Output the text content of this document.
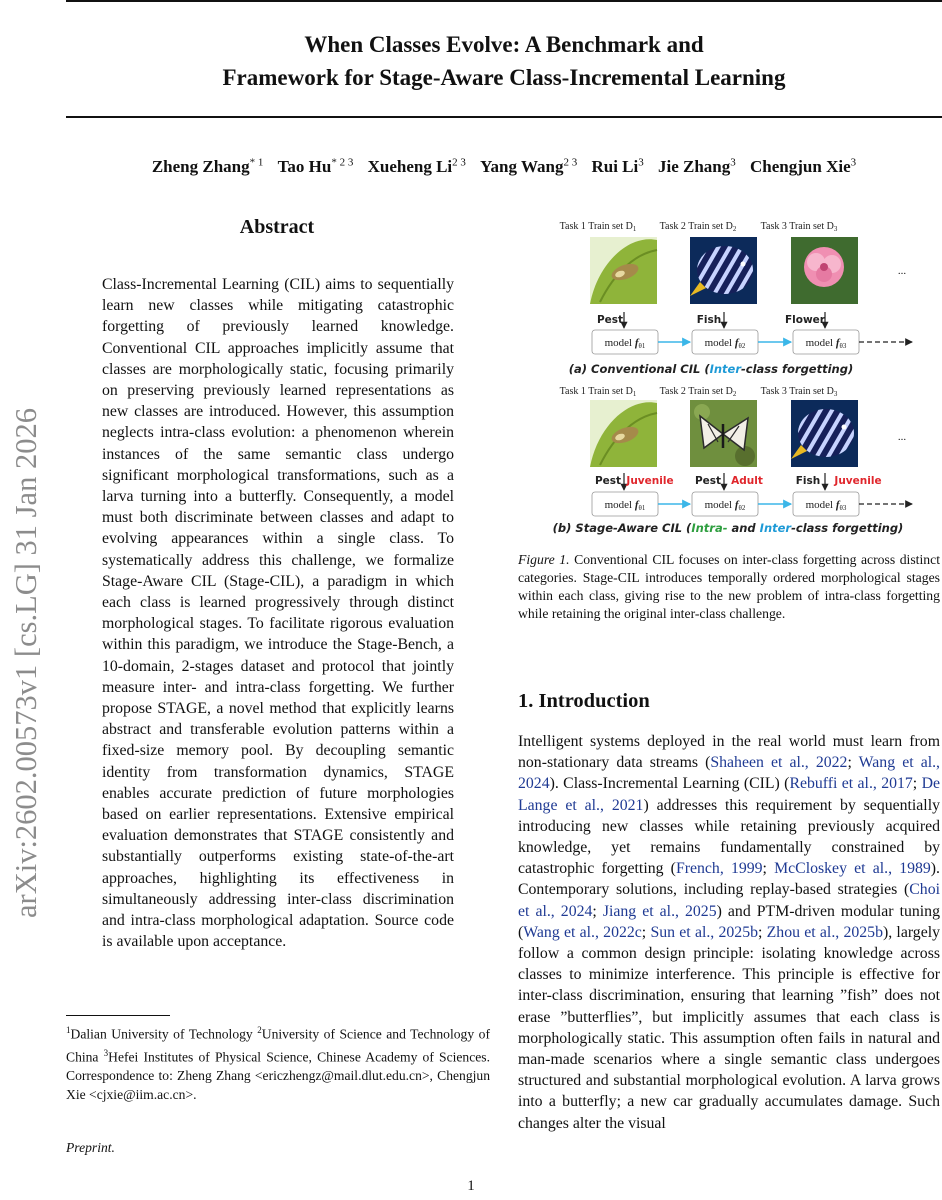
arXiv:2602.00573v1 [cs.LG] 31 Jan 2026
When Classes Evolve: A Benchmark and
Framework for Stage-Aware Class-Incremental Learning
Zheng Zhang$^{* 1}$ Tao $Hu^{* 2 3}$ Xueheng $Li^{2 3}$ Yang Wang$^{2 3}$ Rui Li$^3$ Jie Zhang$^3$ Chengjun Xie$^3$
Abstract
Class-Incremental Learning (CIL) aims to sequentially learn new classes while mitigating catastrophic forgetting of previously learned knowledge. Conventional CIL approaches implicitly assume that classes are morphologically static, focusing primarily on preserving previously learned representations as new classes are introduced. However, this assumption neglects intra-class evolution: a phenomenon wherein instances of the same semantic class undergo significant morphological transformations, such as a larva turning into a butterfly. Consequently, a model must both discriminate between classes and adapt to evolving appearances within a single class. To systematically address this challenge, we formalize Stage-Aware CIL (Stage-CIL), a paradigm in which each class is learned progressively through distinct morphological stages. To facilitate rigorous evaluation within this paradigm, we introduce the Stage-Bench, a 10-domain, 2-stages dataset and protocol that jointly measure inter- and intra-class forgetting. We further propose STAGE, a novel method that explicitly learns abstract and transferable evolution patterns within a fixed-size memory pool. By decoupling semantic identity from transformation dynamics, STAGE enables accurate prediction of future morphologies based on earlier representations. Extensive empirical evaluation demonstrates that STAGE consistently and substantially outperforms existing state-of-the-art approaches, highlighting its effectiveness in simultaneously addressing inter-class discrimination and intra-class morphological adaptation. Source code is available upon acceptance.
$^1$Dalian University of Technology $^2$University of Science and Technology of China $^3$Hefei Institutes of Physical Science, Chinese Academy of Sciences. Correspondence to: Zheng Zhang <ericzhengz@mail.dlut.edu.cn>, Chengjun Xie <cjxie@iim.ac.cn>.
Preprint.
1
Task 1 Train set $D_1$ Task 2 Train set $D_2$ Task 3 Train set $D_3$
...
Pest	Fish	Flower
model fθ1	model fθ2	model fθ3
(a) Conventional CIL (Inter-class forgetting)
Task 1 Train set $D_1$ Task 2 Train set $D_2$ Task 3 Train set $D_3$
...
Pest Juvenile Pest Adult	Fish Juvenile
model fθ1	model fθ2	model fθ3
(b) Stage-Aware CIL (Intra- and Inter-class forgetting)
Figure 1. Conventional CIL focuses on inter-class forgetting across distinct categories. Stage-CIL introduces temporally ordered morphological stages within each class, giving rise to the new problem of intra-class forgetting while retaining the original inter-class challenge.
1. Introduction
Intelligent systems deployed in the real world must learn from non-stationary data streams (Shaheen et al., 2022; Wang et al., 2024). Class-Incremental Learning (CIL) (Rebuffi et al., 2017; De Lange et al., 2021) addresses this requirement by sequentially introducing new classes while retaining previously acquired knowledge, yet remains fundamentally constrained by catastrophic forgetting (French, 1999; McCloskey et al., 1989). Contemporary solutions, including replay-based strategies (Choi et al., 2024; Jiang et al., 2025) and PTM-driven modular tuning (Wang et al., 2022c; Sun et al., 2025b; Zhou et al., 2025b), largely follow a common design principle: isolating knowledge across classes to minimize interference. This principle is effective for inter-class discrimination, ensuring that learning ”fish” does not erase ”butterflies”, but implicitly assumes that each class is morphologically static. This assumption often fails in natural and man-made scenarios where a single semantic class undergoes structured and substantial morphological evolution. A larva grows into a butterfly; a new car gradually accumulates damage. Such changes alter the visual
